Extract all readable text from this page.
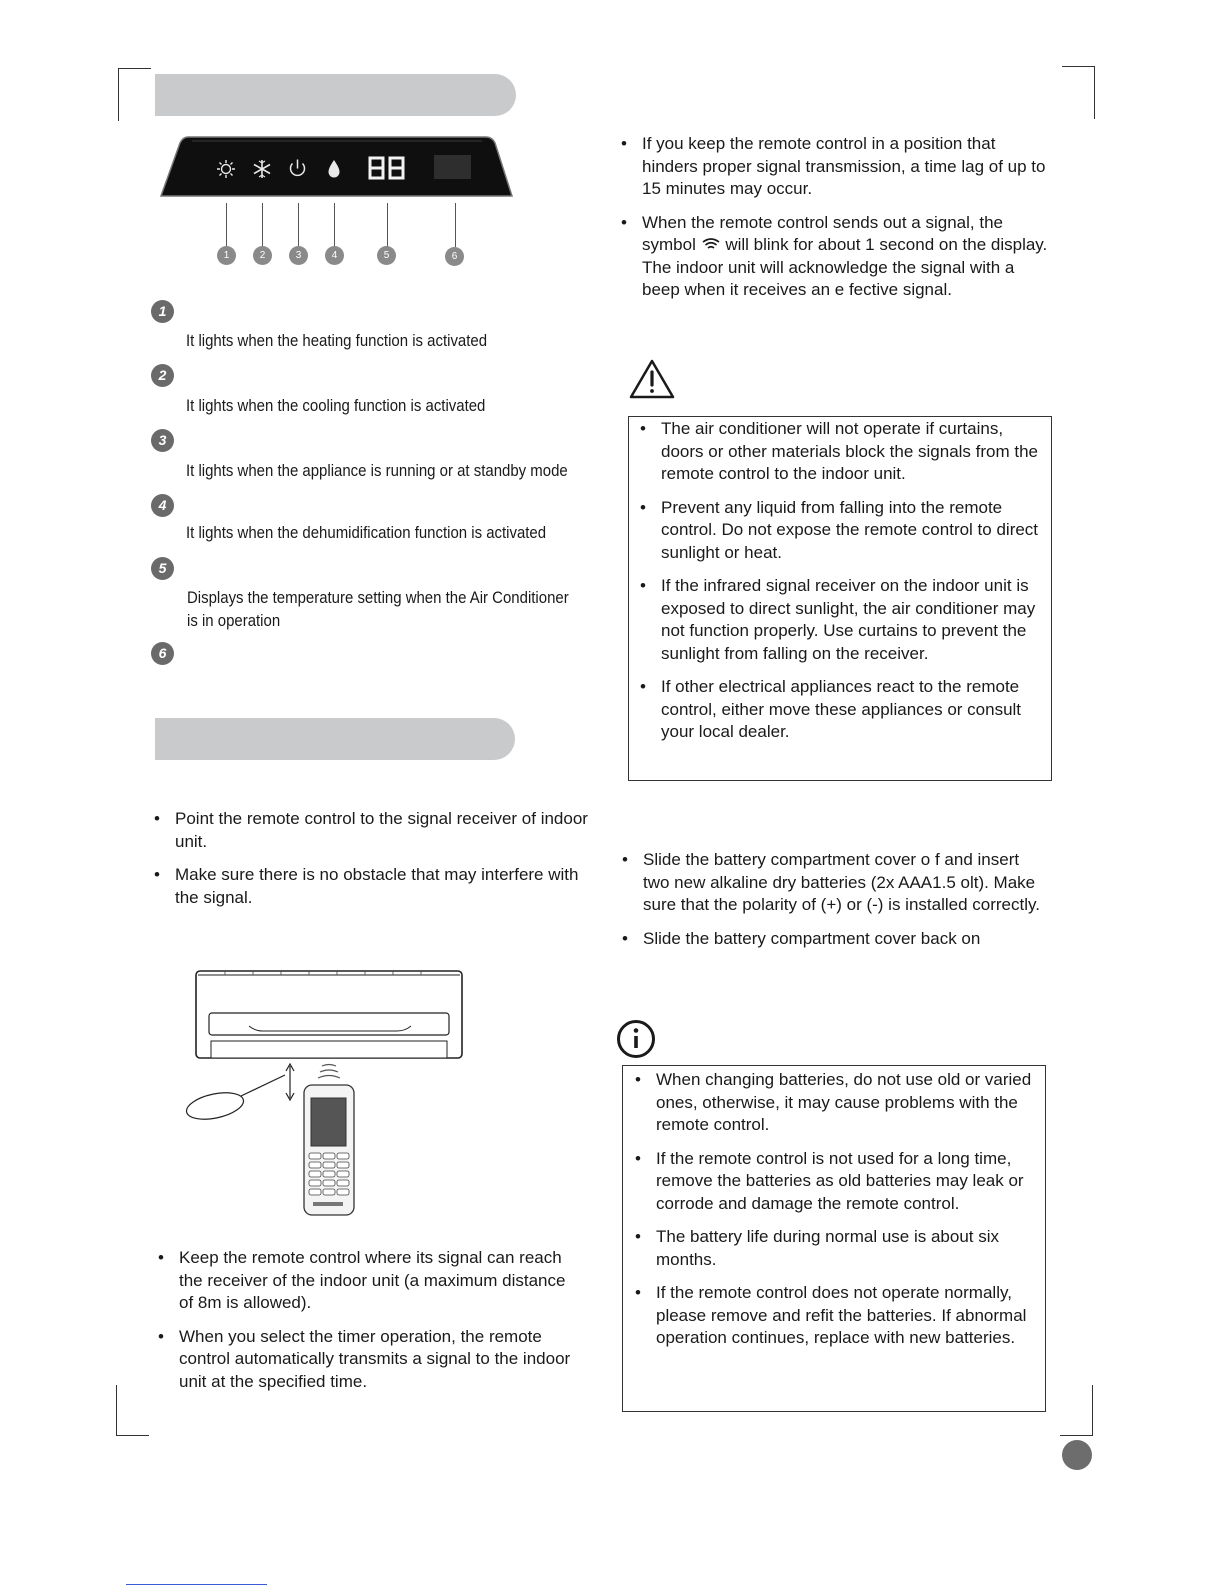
1	2	3	4	5	6
1
It lights when the heating function is activated
2
It lights when the cooling function is activated
3
It lights when the appliance is running or at standby mode
4
It lights when the dehumidification function is activated
5
Displays the temperature setting when the Air Conditioner
is in operation
6
• Point the remote control to the signal receiver of indoor unit.
• Make sure there is no obstacle that may interfere with the signal.
• Keep the remote control where its signal can reach the receiver of the indoor unit (a maximum distance of 8m is allowed).
• When you select the timer operation, the remote control automatically transmits a signal to the indoor unit at the specified time.
• If you keep the remote control in a position that hinders proper signal transmission, a time lag of up to 15 minutes may occur.
• When the remote control sends out a signal, the symbol will blink for about 1 second on the display. The indoor unit will acknowledge the signal with a beep when it receives an e fective signal.
• The air conditioner will not operate if curtains, doors or other materials block the signals from the remote control to the indoor unit.
• Prevent any liquid from falling into the remote control. Do not expose the remote control to direct sunlight or heat.
• If the infrared signal receiver on the indoor unit is exposed to direct sunlight, the air conditioner may not function properly. Use curtains to prevent the sunlight from falling on the receiver.
• If other electrical appliances react to the remote control, either move these appliances or consult your local dealer.
• Slide the battery compartment cover o f and insert two new alkaline dry batteries (2x AAA1.5 olt). Make sure that the polarity of (+) or (-) is installed correctly.
• Slide the battery compartment cover back on
• When changing batteries, do not use old or varied ones, otherwise, it may cause problems with the remote control.
• If the remote control is not used for a long time, remove the batteries as old batteries may leak or corrode and damage the remote control.
• The battery life during normal use is about six months.
• If the remote control does not operate normally, please remove and refit the batteries. If abnormal operation continues, replace with new batteries.
